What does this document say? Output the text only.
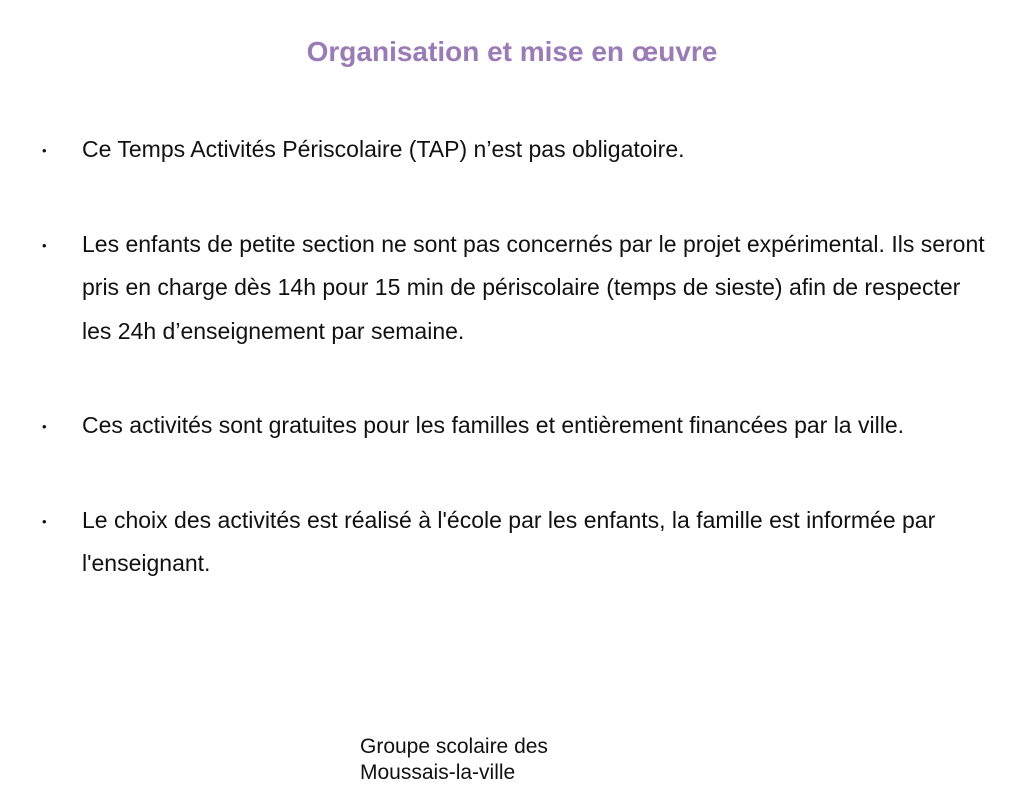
Organisation et mise en œuvre
• Ce Temps Activités Périscolaire (TAP) n’est pas obligatoire.
• Les enfants de petite section ne sont pas concernés par le projet expérimental. Ils seront pris en charge dès 14h pour 15 min de périscolaire (temps de sieste) afin de respecter les 24h d’enseignement par semaine.
• Ces activités sont gratuites pour les familles et entièrement financées par la ville.
• Le choix des activités est réalisé à l'école par les enfants, la famille est informée par l'enseignant.
Groupe scolaire des
Moussais-la-ville
